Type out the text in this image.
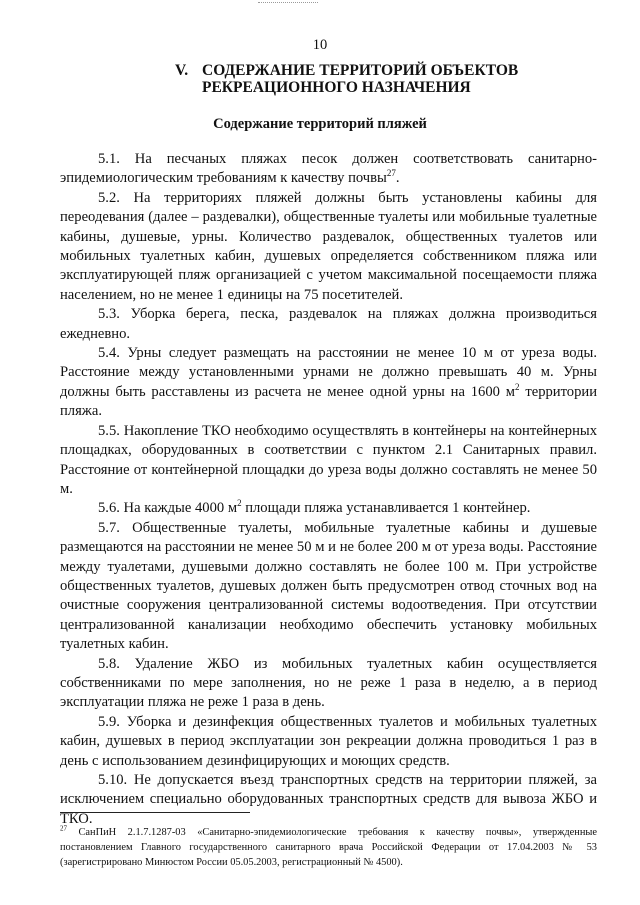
10
V. СОДЕРЖАНИЕ ТЕРРИТОРИЙ ОБЪЕКТОВ
РЕКРЕАЦИОННОГО НАЗНАЧЕНИЯ
Содержание территорий пляжей

5.1. На песчаных пляжах песок должен соответствовать санитарно-эпидемиологическим требованиям к качеству почвы$^{27}$.

5.2. На территориях пляжей должны быть установлены кабины для переодевания (далее – раздевалки), общественные туалеты или мобильные туалетные кабины, душевые, урны. Количество раздевалок, общественных туалетов или мобильных туалетных кабин, душевых определяется собственником пляжа или эксплуатирующей пляж организацией с учетом максимальной посещаемости пляжа населением, но не менее 1 единицы на 75 посетителей.

5.3. Уборка берега, песка, раздевалок на пляжах должна производиться ежедневно.

5.4. Урны следует размещать на расстоянии не менее 10 м от уреза воды. Расстояние между установленными урнами не должно превышать 40 м. Урны должны быть расставлены из расчета не менее одной урны на 1600 $м^2$ территории пляжа.

5.5. Накопление ТКО необходимо осуществлять в контейнеры на контейнерных площадках, оборудованных в соответствии с пунктом 2.1 Санитарных правил. Расстояние от контейнерной площадки до уреза воды должно составлять не менее 50 м.

5.6. На каждые 4000 $м^2$ площади пляжа устанавливается 1 контейнер.

5.7. Общественные туалеты, мобильные туалетные кабины и душевые размещаются на расстоянии не менее 50 м и не более 200 м от уреза воды. Расстояние между туалетами, душевыми должно составлять не более 100 м. При устройстве общественных туалетов, душевых должен быть предусмотрен отвод сточных вод на очистные сооружения централизованной системы водоотведения. При отсутствии централизованной канализации необходимо обеспечить установку мобильных туалетных кабин.

5.8. Удаление ЖБО из мобильных туалетных кабин осуществляется собственниками по мере заполнения, но не реже 1 раза в неделю, а в период эксплуатации пляжа не реже 1 раза в день.

5.9. Уборка и дезинфекция общественных туалетов и мобильных туалетных кабин, душевых в период эксплуатации зон рекреации должна проводиться 1 раз в день с использованием дезинфицирующих и моющих средств.

5.10. Не допускается въезд транспортных средств на территории пляжей, за исключением специально оборудованных транспортных средств для вывоза ЖБО и ТКО.

$^{27}$ СанПиН 2.1.7.1287-03 «Санитарно-эпидемиологические требования к качеству почвы», утвержденные постановлением Главного государственного санитарного врача Российской Федерации от 17.04.2003 № 53 (зарегистрировано Минюстом России 05.05.2003, регистрационный № 4500).
